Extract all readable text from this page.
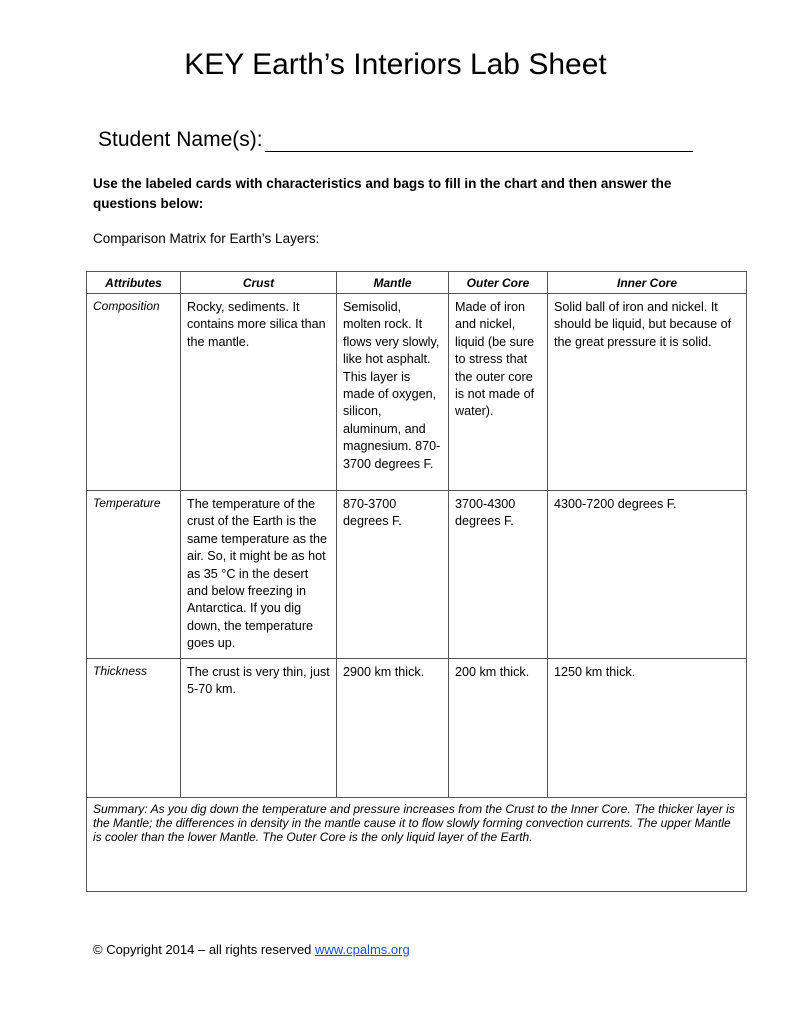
KEY Earth’s Interiors Lab Sheet
Student Name(s):
Use the labeled cards with characteristics and bags to fill in the chart and then answer the questions below:
Comparison Matrix for Earth’s Layers:
Attributes	Crust	Mantle	Outer Core	Inner Core
Composition	Rocky, sediments. It contains more silica than the mantle.	Semisolid, molten rock. It flows very slowly, like hot asphalt. This layer is made of oxygen, silicon, aluminum, and magnesium. 870-3700 degrees F.	Made of iron and nickel, liquid (be sure to stress that the outer core is not made of water).	Solid ball of iron and nickel. It should be liquid, but because of the great pressure it is solid.
Temperature	The temperature of the crust of the Earth is the same temperature as the air. So, it might be as hot as 35 °C in the desert and below freezing in Antarctica. If you dig down, the temperature goes up.	870-3700 degrees F.	3700-4300 degrees F.	4300-7200 degrees F.
Thickness	The crust is very thin, just 5-70 km.	2900 km thick.	200 km thick.	1250 km thick.
Summary: As you dig down the temperature and pressure increases from the Crust to the Inner Core. The thicker layer is the Mantle; the differences in density in the mantle cause it to flow slowly forming convection currents. The upper Mantle is cooler than the lower Mantle. The Outer Core is the only liquid layer of the Earth.				
© Copyright 2014 – all rights reserved www.cpalms.org
